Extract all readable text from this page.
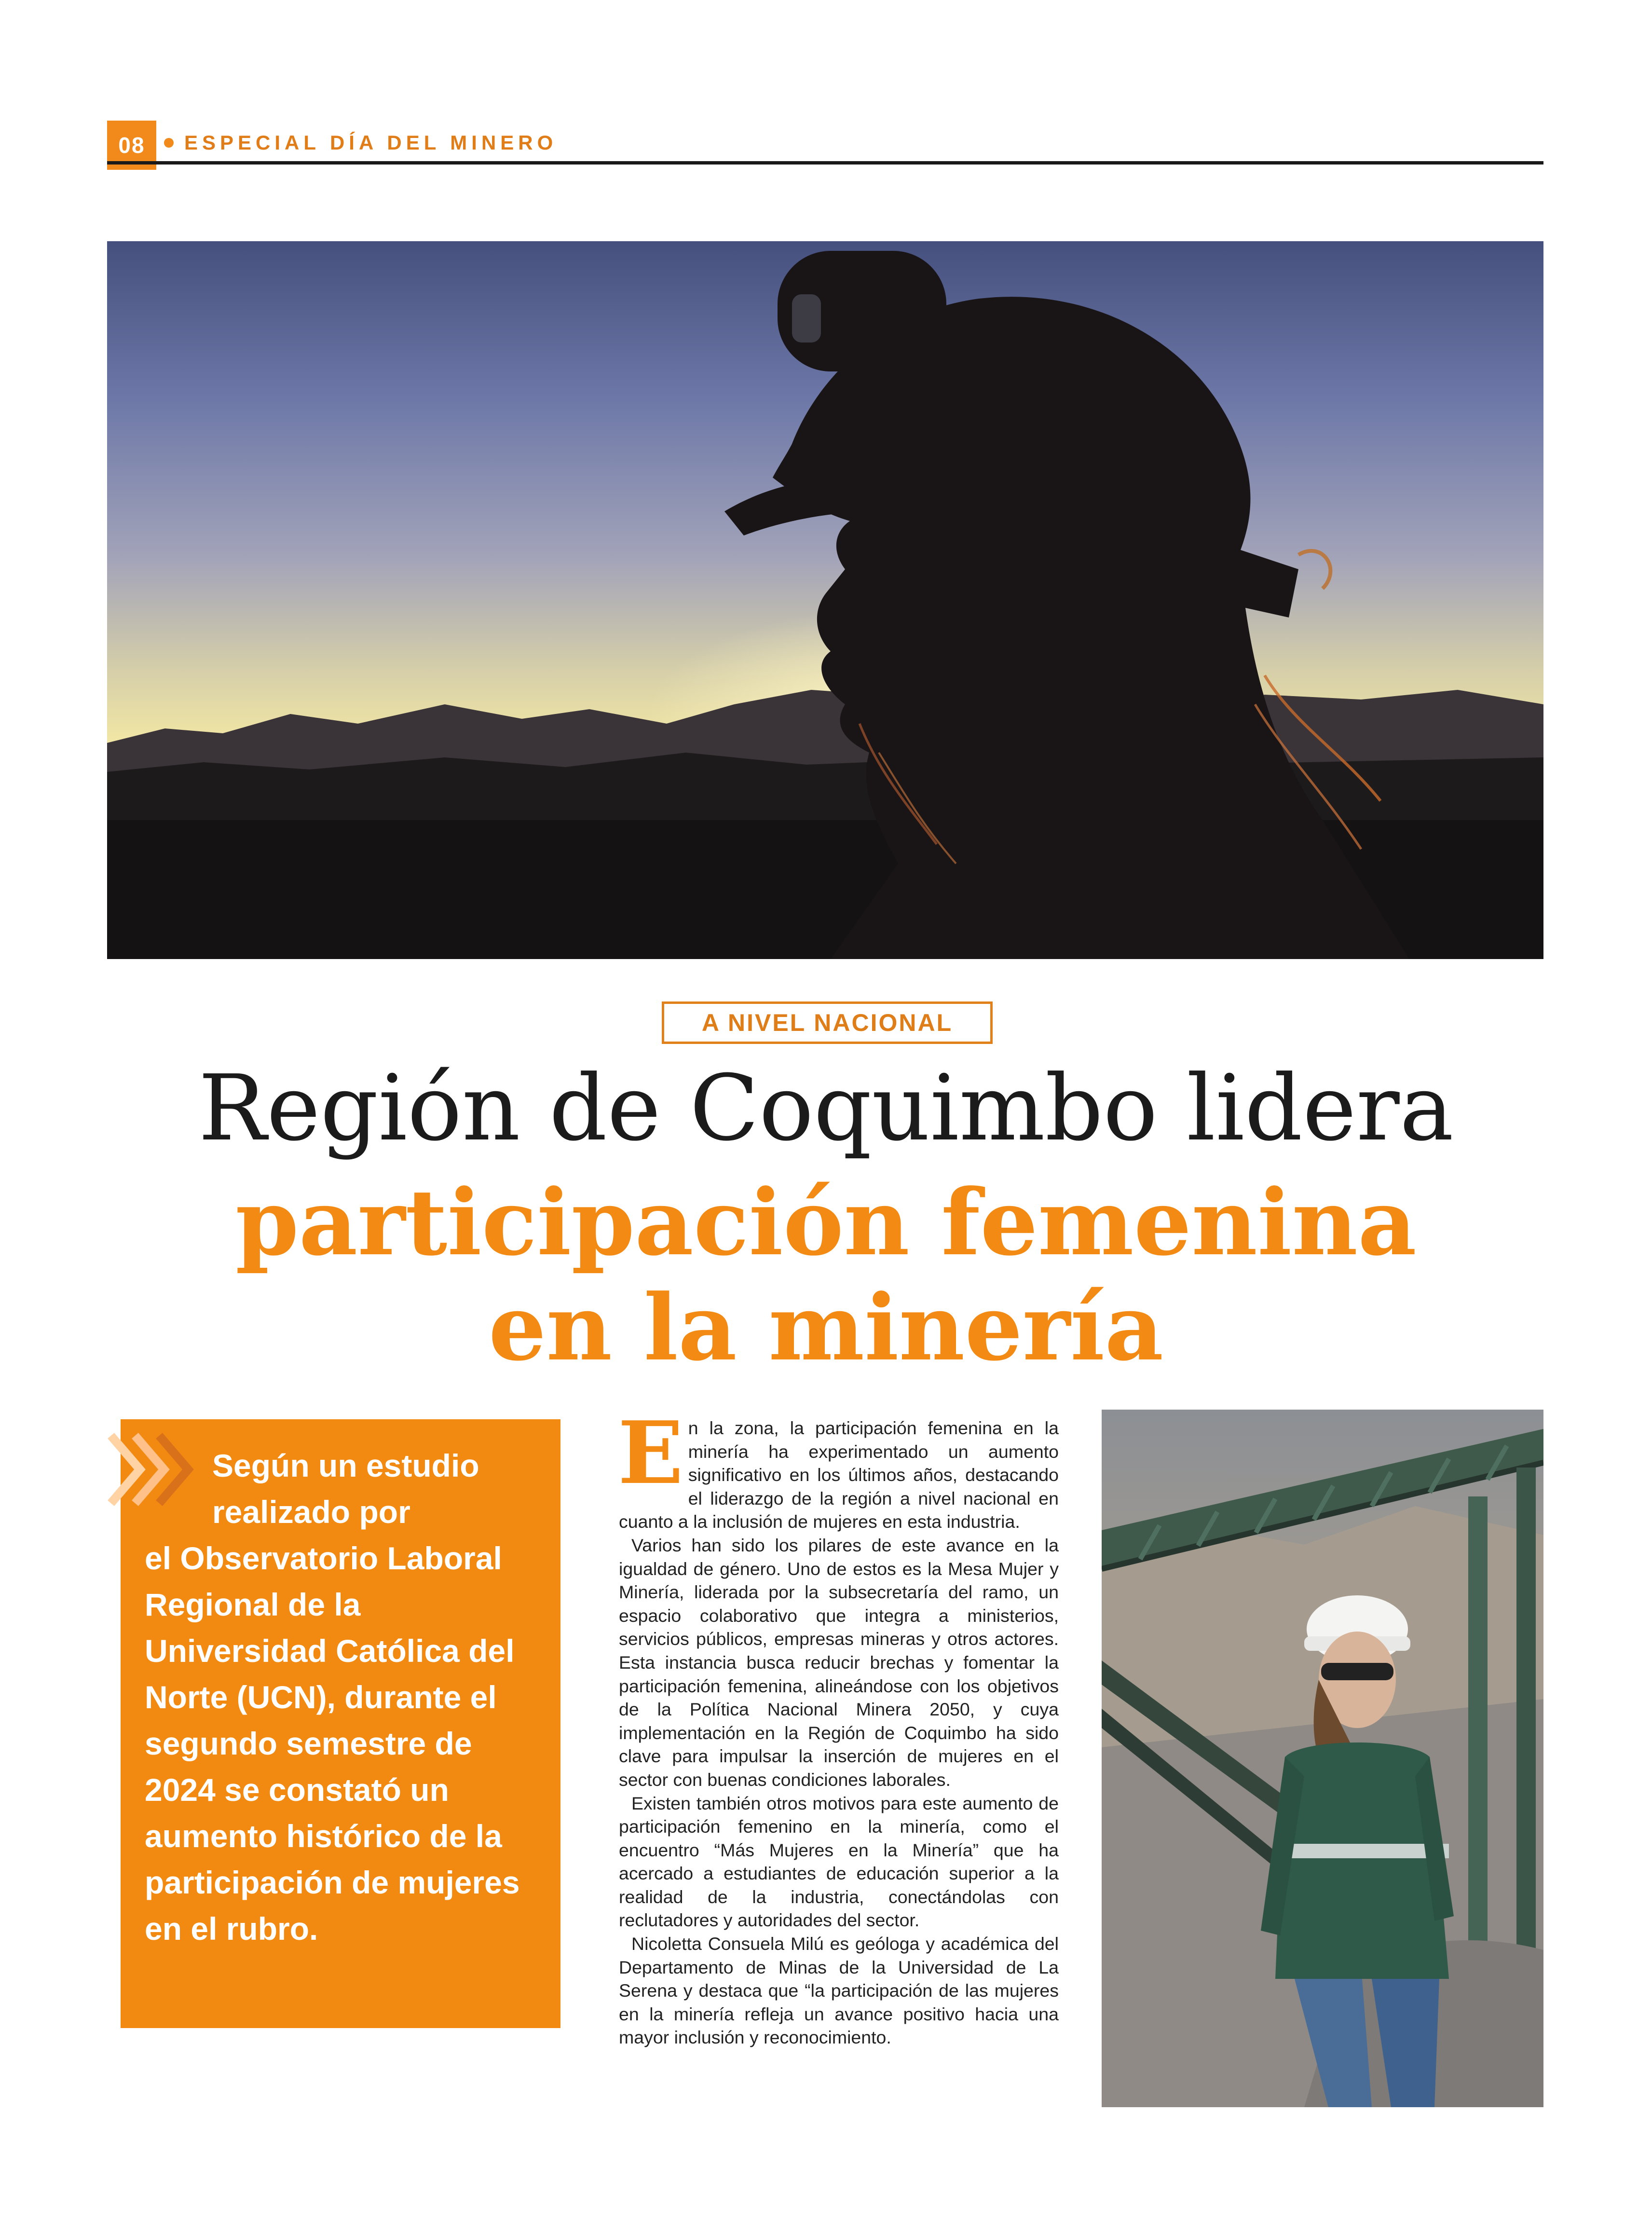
08	ESPECIAL DÍA DEL MINERO
A NIVEL NACIONAL
Región de Coquimbo lidera
participación femenina
en la minería

Según un estudio
realizado por
el Observatorio Laboral Regional de la Universidad Católica del Norte (UCN), durante el segundo semestre de 2024 se constató un aumento histórico de la participación de mujeres en el rubro.

En la zona, la participación femenina en la minería ha experimentado un aumento significativo en los últimos años, destacando el liderazgo de la región a nivel nacional en cuanto a la inclusión de mujeres en esta industria.

Varios han sido los pilares de este avance en la igualdad de género. Uno de estos es la Mesa Mujer y Minería, liderada por la subsecretaría del ramo, un espacio colaborativo que integra a ministerios, servicios públicos, empresas mineras y otros actores. Esta instancia busca reducir brechas y fomentar la participación femenina, alineándose con los objetivos de la Política Nacional Minera 2050, y cuya implementación en la Región de Coquimbo ha sido clave para impulsar la inserción de mujeres en el sector con buenas condiciones laborales.

Existen también otros motivos para este aumento de participación femenino en la minería, como el encuentro “Más Mujeres en la Minería” que ha acercado a estudiantes de educación superior a la realidad de la industria, conectándolas con reclutadores y autoridades del sector.

Nicoletta Consuela Milú es geóloga y académica del Departamento de Minas de la Universidad de La Serena y destaca que “la participación de las mujeres en la minería refleja un avance positivo hacia una mayor inclusión y reconocimiento.
